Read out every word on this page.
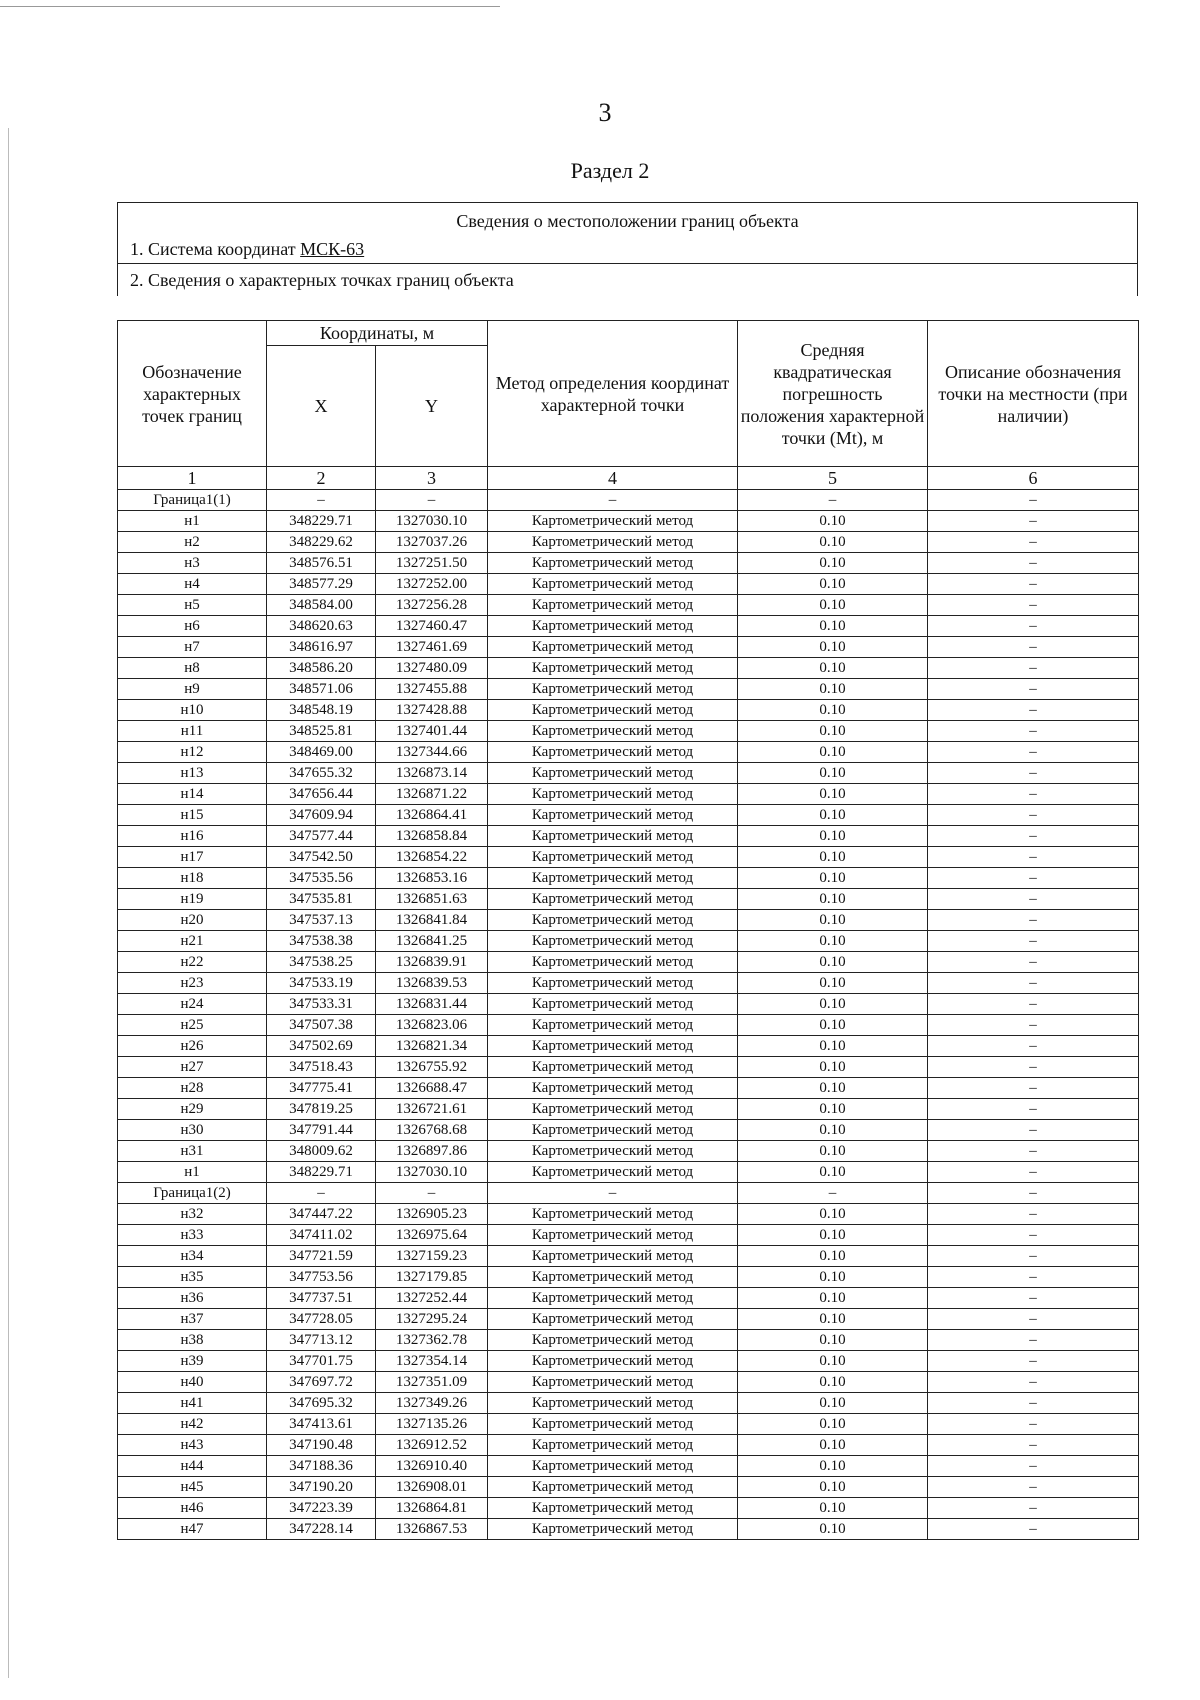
3
Раздел 2
Сведения о местоположении границ объекта
1. Система координат МСК-63
2. Сведения о характерных точках границ объекта
Обозначение характерных точек границ	Координаты, м		Метод определения координат характерной точки	Средняя квадратическая погрешность положения характерной точки (Mt), м	Описание обозначения точки на местности (при наличии)
	X	Y			
1	2	3	4	5	6
Граница1(1)	–	–	–	–	–
н1	348229.71	1327030.10	Картометрический метод	0.10	–
н2	348229.62	1327037.26	Картометрический метод	0.10	–
н3	348576.51	1327251.50	Картометрический метод	0.10	–
н4	348577.29	1327252.00	Картометрический метод	0.10	–
н5	348584.00	1327256.28	Картометрический метод	0.10	–
н6	348620.63	1327460.47	Картометрический метод	0.10	–
н7	348616.97	1327461.69	Картометрический метод	0.10	–
н8	348586.20	1327480.09	Картометрический метод	0.10	–
н9	348571.06	1327455.88	Картометрический метод	0.10	–
н10	348548.19	1327428.88	Картометрический метод	0.10	–
н11	348525.81	1327401.44	Картометрический метод	0.10	–
н12	348469.00	1327344.66	Картометрический метод	0.10	–
н13	347655.32	1326873.14	Картометрический метод	0.10	–
н14	347656.44	1326871.22	Картометрический метод	0.10	–
н15	347609.94	1326864.41	Картометрический метод	0.10	–
н16	347577.44	1326858.84	Картометрический метод	0.10	–
н17	347542.50	1326854.22	Картометрический метод	0.10	–
н18	347535.56	1326853.16	Картометрический метод	0.10	–
н19	347535.81	1326851.63	Картометрический метод	0.10	–
н20	347537.13	1326841.84	Картометрический метод	0.10	–
н21	347538.38	1326841.25	Картометрический метод	0.10	–
н22	347538.25	1326839.91	Картометрический метод	0.10	–
н23	347533.19	1326839.53	Картометрический метод	0.10	–
н24	347533.31	1326831.44	Картометрический метод	0.10	–
н25	347507.38	1326823.06	Картометрический метод	0.10	–
н26	347502.69	1326821.34	Картометрический метод	0.10	–
н27	347518.43	1326755.92	Картометрический метод	0.10	–
н28	347775.41	1326688.47	Картометрический метод	0.10	–
н29	347819.25	1326721.61	Картометрический метод	0.10	–
н30	347791.44	1326768.68	Картометрический метод	0.10	–
н31	348009.62	1326897.86	Картометрический метод	0.10	–
н1	348229.71	1327030.10	Картометрический метод	0.10	–
Граница1(2)	–	–	–	–	–
н32	347447.22	1326905.23	Картометрический метод	0.10	–
н33	347411.02	1326975.64	Картометрический метод	0.10	–
н34	347721.59	1327159.23	Картометрический метод	0.10	–
н35	347753.56	1327179.85	Картометрический метод	0.10	–
н36	347737.51	1327252.44	Картометрический метод	0.10	–
н37	347728.05	1327295.24	Картометрический метод	0.10	–
н38	347713.12	1327362.78	Картометрический метод	0.10	–
н39	347701.75	1327354.14	Картометрический метод	0.10	–
н40	347697.72	1327351.09	Картометрический метод	0.10	–
н41	347695.32	1327349.26	Картометрический метод	0.10	–
н42	347413.61	1327135.26	Картометрический метод	0.10	–
н43	347190.48	1326912.52	Картометрический метод	0.10	–
н44	347188.36	1326910.40	Картометрический метод	0.10	–
н45	347190.20	1326908.01	Картометрический метод	0.10	–
н46	347223.39	1326864.81	Картометрический метод	0.10	–
н47	347228.14	1326867.53	Картометрический метод	0.10	–
